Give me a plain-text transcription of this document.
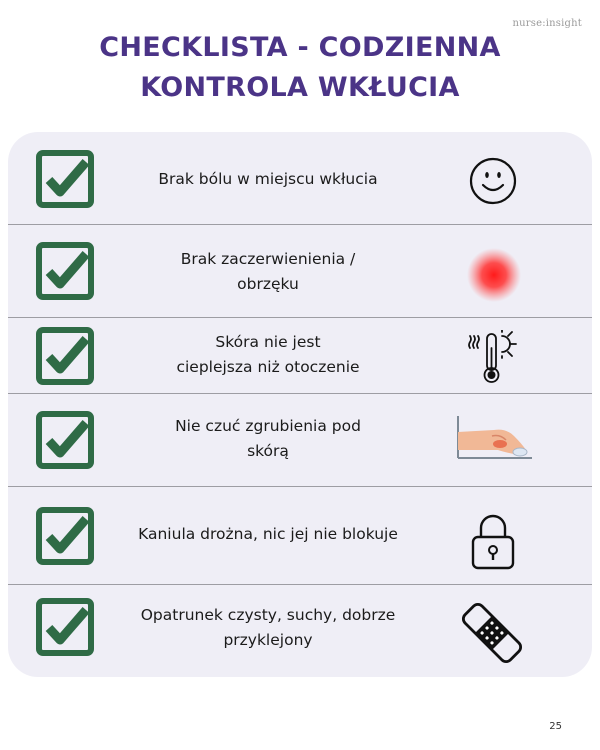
nurse:insight
CHECKLISTA - CODZIENNA
KONTROLA WKŁUCIA
Brak bólu w miejscu wkłucia
Brak zaczerwienienia /
obrzęku
Skóra nie jest
cieplejsza niż otoczenie
Nie czuć zgrubienia pod
skórą
Kaniula drożna, nic jej nie blokuje
Opatrunek czysty, suchy, dobrze
przyklejony
25
